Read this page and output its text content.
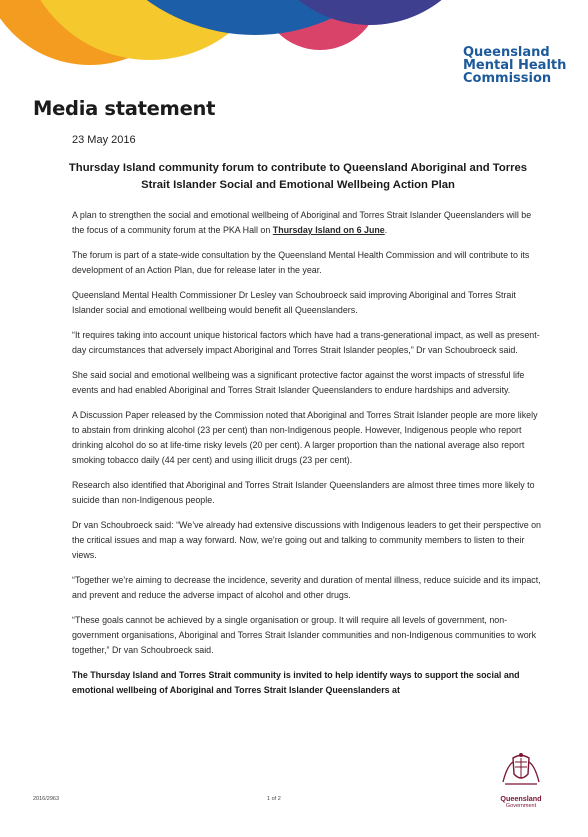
Queensland
Mental Health
Commission
Media statement
23 May 2016
Thursday Island community forum to contribute to Queensland Aboriginal and Torres Strait Islander Social and Emotional Wellbeing Action Plan

A plan to strengthen the social and emotional wellbeing of Aboriginal and Torres Strait Islander Queenslanders will be the focus of a community forum at the PKA Hall on Thursday Island on 6 June.

The forum is part of a state-wide consultation by the Queensland Mental Health Commission and will contribute to its development of an Action Plan, due for release later in the year.

Queensland Mental Health Commissioner Dr Lesley van Schoubroeck said improving Aboriginal and Torres Strait Islander social and emotional wellbeing would benefit all Queenslanders.

“It requires taking into account unique historical factors which have had a trans-generational impact, as well as present-day circumstances that adversely impact Aboriginal and Torres Strait Islander peoples,” Dr van Schoubroeck said.

She said social and emotional wellbeing was a significant protective factor against the worst impacts of stressful life events and had enabled Aboriginal and Torres Strait Islander Queenslanders to endure hardships and adversity.

A Discussion Paper released by the Commission noted that Aboriginal and Torres Strait Islander people are more likely to abstain from drinking alcohol (23 per cent) than non-Indigenous people. However, Indigenous people who report drinking alcohol do so at life-time risky levels (20 per cent). A larger proportion than the national average also report smoking tobacco daily (44 per cent) and using illicit drugs (23 per cent).

Research also identified that Aboriginal and Torres Strait Islander Queenslanders are almost three times more likely to suicide than non-Indigenous people.

Dr van Schoubroeck said: “We’ve already had extensive discussions with Indigenous leaders to get their perspective on the critical issues and map a way forward. Now, we’re going out and talking to community members to listen to their views.

“Together we’re aiming to decrease the incidence, severity and duration of mental illness, reduce suicide and its impact, and prevent and reduce the adverse impact of alcohol and other drugs.

“These goals cannot be achieved by a single organisation or group. It will require all levels of government, non-government organisations, Aboriginal and Torres Strait Islander communities and non-Indigenous communities to work together,” Dr van Schoubroeck said.

The Thursday Island and Torres Strait community is invited to help identify ways to support the social and emotional wellbeing of Aboriginal and Torres Strait Islander Queenslanders at

2016/2963	1 of 2	Queensland
Government
